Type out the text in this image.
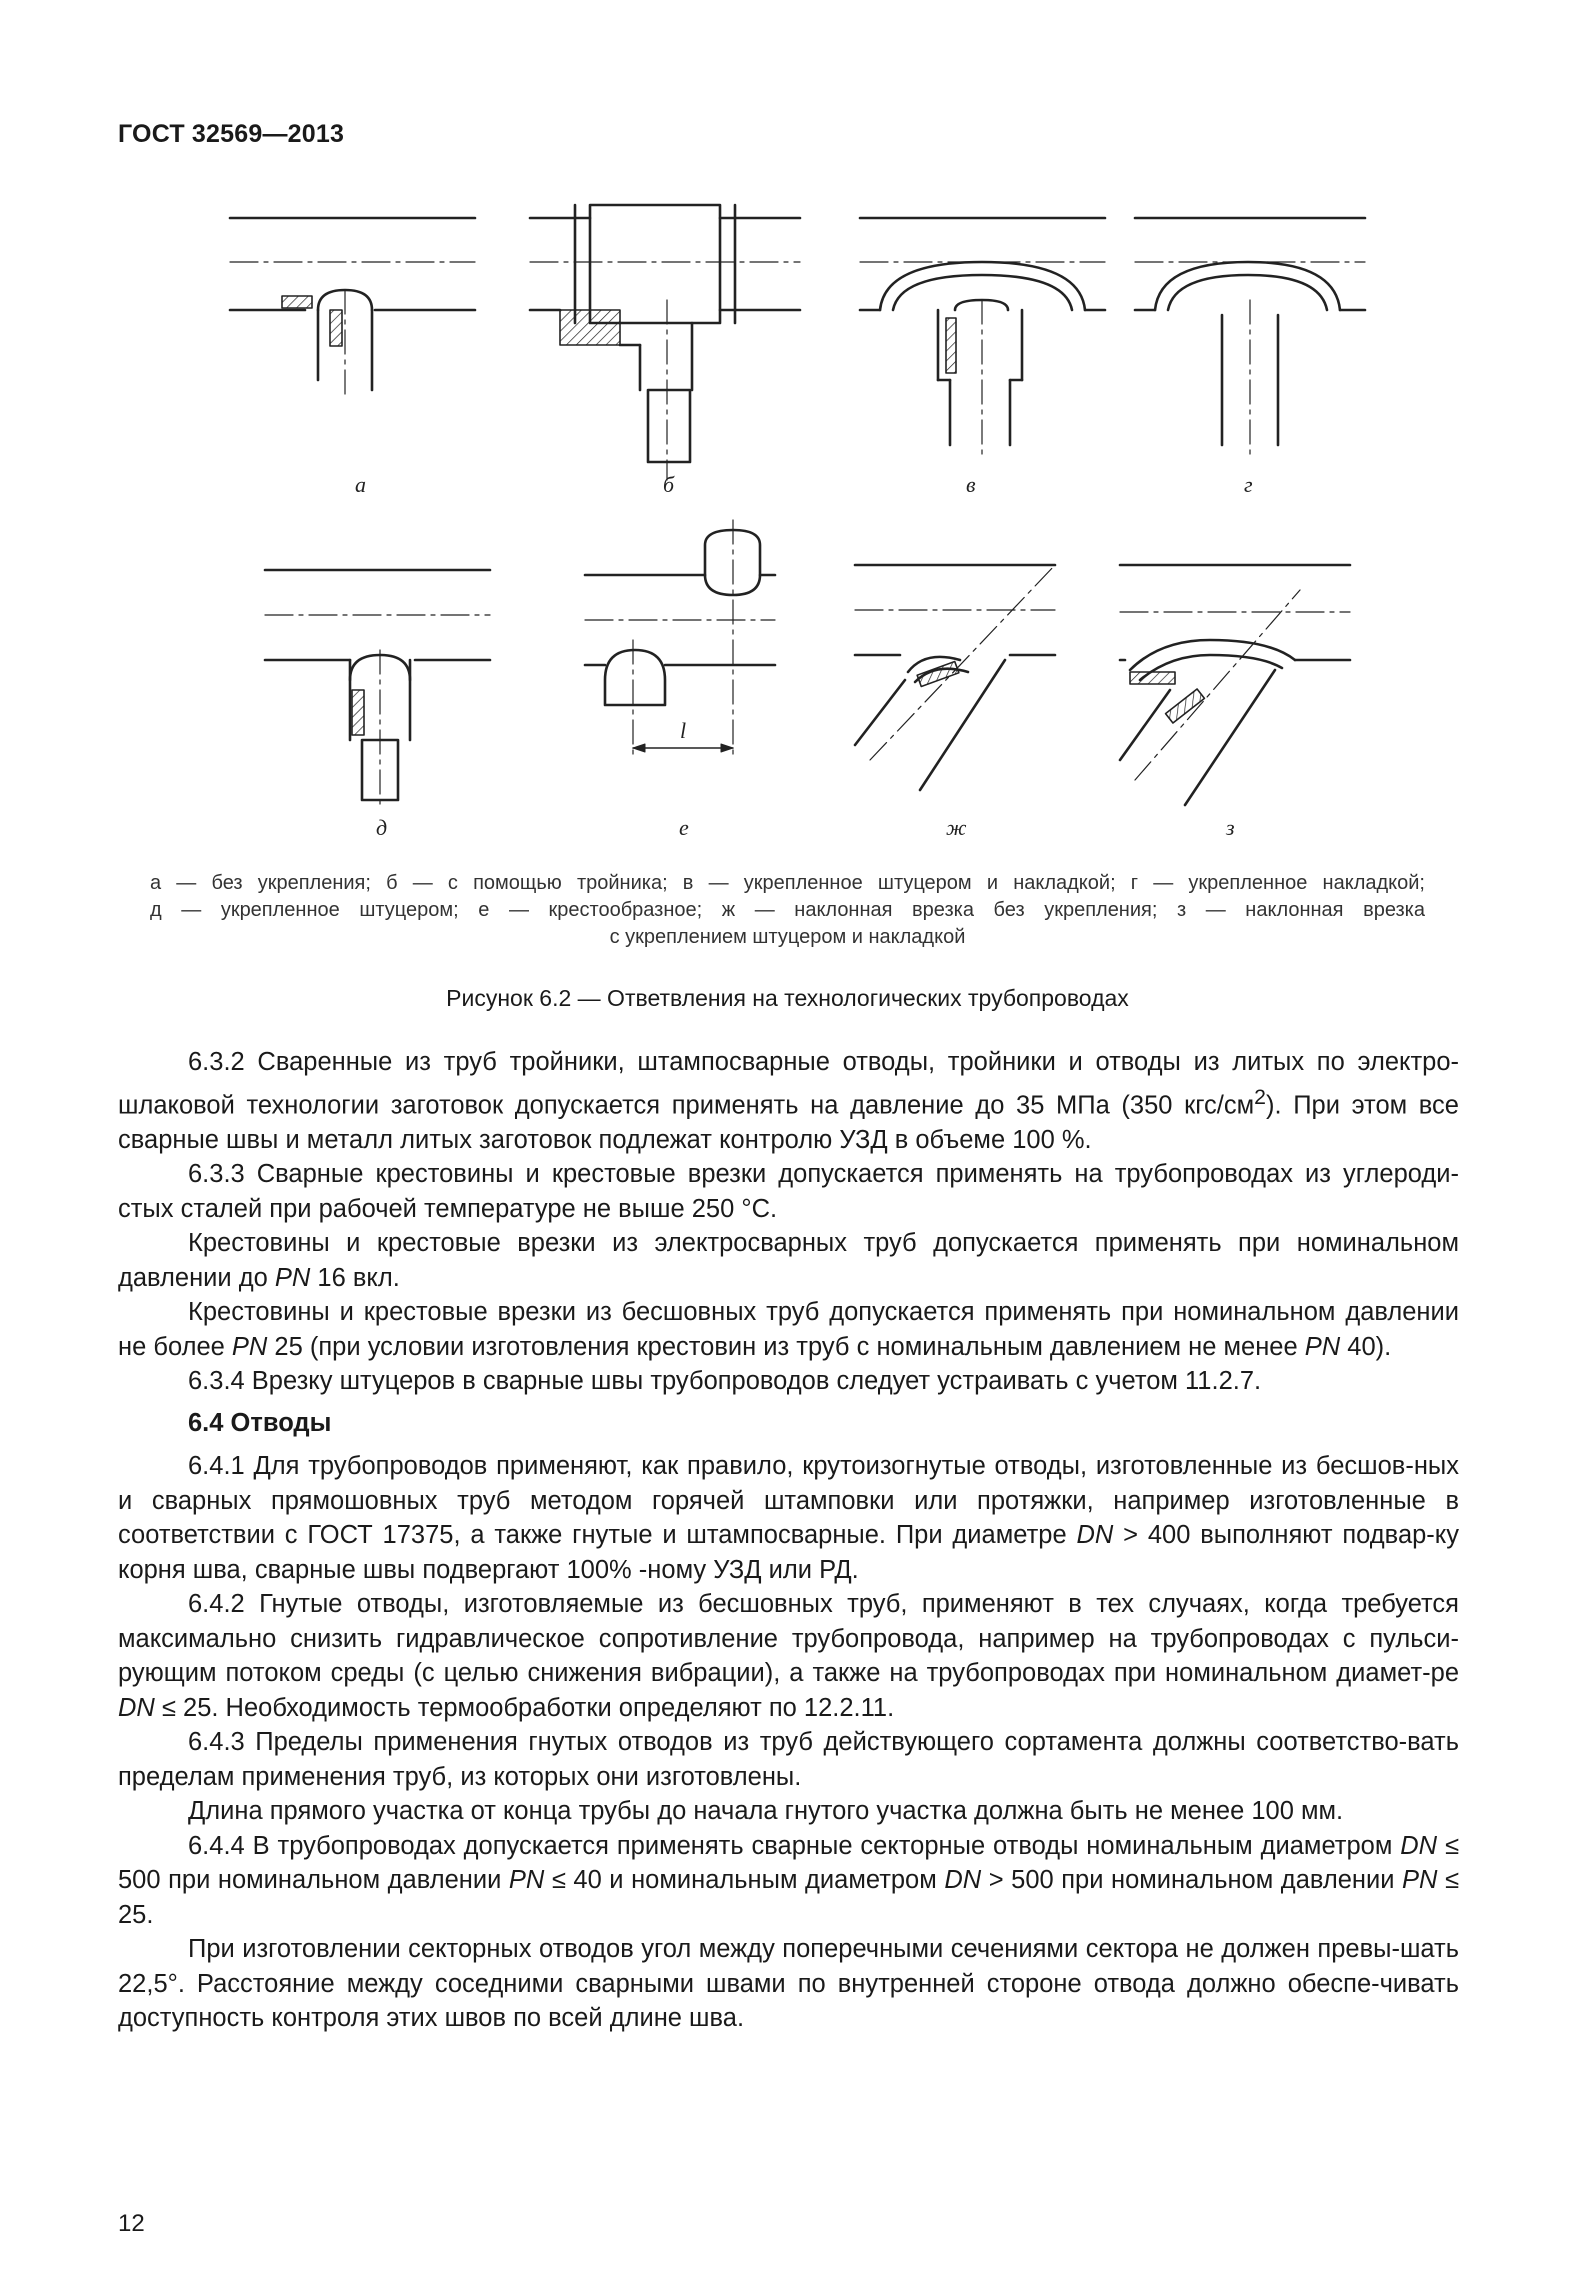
ГОСТ 32569—2013
а	б	в	г
д	е	ж	з
l
а — без укрепления; б — с помощью тройника; в — укрепленное штуцером и накладкой; г — укрепленное накладкой;
д — укрепленное штуцером; е — крестообразное; ж — наклонная врезка без укрепления; з — наклонная врезка
с укреплением штуцером и накладкой
Рисунок 6.2 — Ответвления на технологических трубопроводах

6.3.2 Сваренные из труб тройники, штампосварные отводы, тройники и отводы из литых по электро-шлаковой технологии заготовок допускается применять на давление до 35 МПа (350 кгс/$см^2$). При этом все сварные швы и металл литых заготовок подлежат контролю УЗД в объеме 100 %.

6.3.3 Сварные крестовины и крестовые врезки допускается применять на трубопроводах из углероди-стых сталей при рабочей температуре не выше 250 °С.

Крестовины и крестовые врезки из электросварных труб допускается применять при номинальном давлении до PN 16 вкл.

Крестовины и крестовые врезки из бесшовных труб допускается применять при номинальном давлении не более PN 25 (при условии изготовления крестовин из труб с номинальным давлением не менее PN 40).

6.3.4 Врезку штуцеров в сварные швы трубопроводов следует устраивать с учетом 11.2.7.

6.4 Отводы

6.4.1 Для трубопроводов применяют, как правило, крутоизогнутые отводы, изготовленные из бесшов-ных и сварных прямошовных труб методом горячей штамповки или протяжки, например изготовленные в соответствии с ГОСТ 17375, а также гнутые и штампосварные. При диаметре DN > 400 выполняют подвар-ку корня шва, сварные швы подвергают 100% -ному УЗД или РД.

6.4.2 Гнутые отводы, изготовляемые из бесшовных труб, применяют в тех случаях, когда требуется максимально снизить гидравлическое сопротивление трубопровода, например на трубопроводах с пульси-рующим потоком среды (с целью снижения вибрации), а также на трубопроводах при номинальном диамет-ре DN ≤ 25. Необходимость термообработки определяют по 12.2.11.

6.4.3 Пределы применения гнутых отводов из труб действующего сортамента должны соответство-вать пределам применения труб, из которых они изготовлены.

Длина прямого участка от конца трубы до начала гнутого участка должна быть не менее 100 мм.

6.4.4 В трубопроводах допускается применять сварные секторные отводы номинальным диаметром DN ≤ 500 при номинальном давлении PN ≤ 40 и номинальным диаметром DN > 500 при номинальном давлении PN ≤ 25.

При изготовлении секторных отводов угол между поперечными сечениями сектора не должен превы-шать 22,5°. Расстояние между соседними сварными швами по внутренней стороне отвода должно обеспе-чивать доступность контроля этих швов по всей длине шва.

12
